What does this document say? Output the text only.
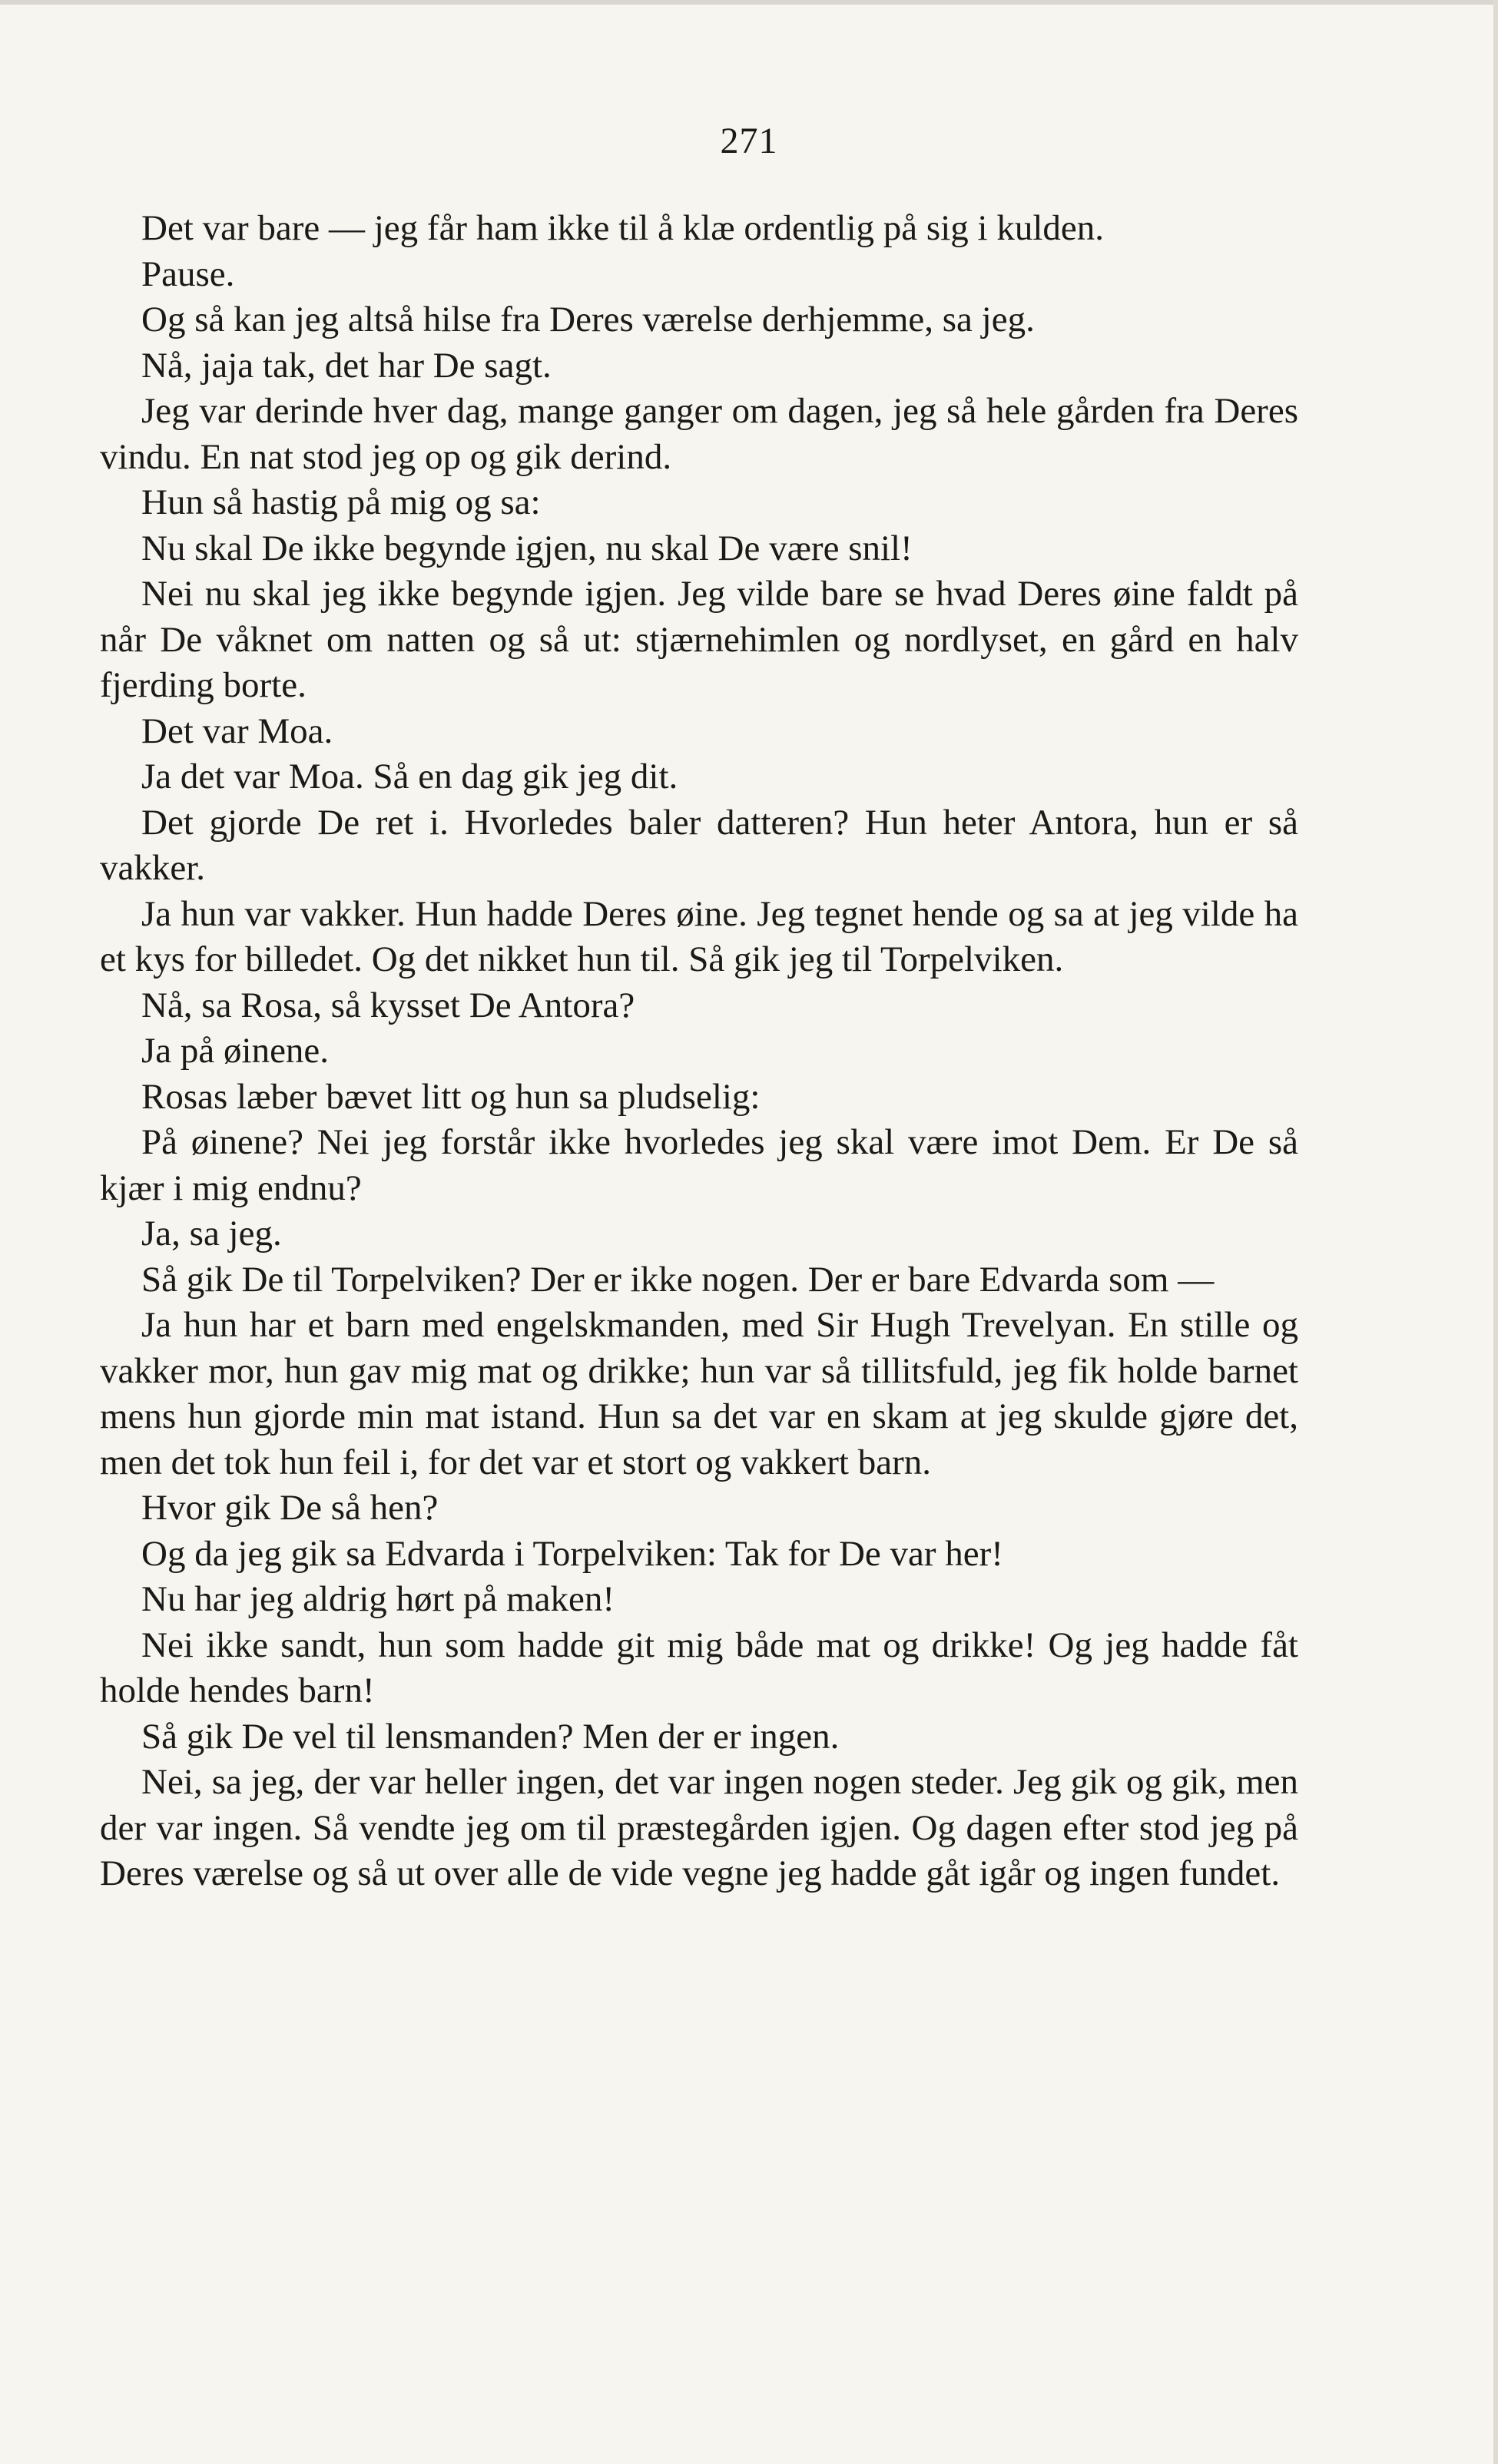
271

Det var bare — jeg får ham ikke til å klæ ordentlig på sig i kulden.

Pause.

Og så kan jeg altså hilse fra Deres værelse derhjemme, sa jeg.

Nå, jaja tak, det har De sagt.

Jeg var derinde hver dag, mange ganger om dagen, jeg så hele gården fra Deres vindu. En nat stod jeg op og gik derind.

Hun så hastig på mig og sa:

Nu skal De ikke begynde igjen, nu skal De være snil!

Nei nu skal jeg ikke begynde igjen. Jeg vilde bare se hvad Deres øine faldt på når De våknet om natten og så ut: stjærnehimlen og nordlyset, en gård en halv fjerding borte.

Det var Moa.

Ja det var Moa. Så en dag gik jeg dit.

Det gjorde De ret i. Hvorledes baler datteren? Hun heter Antora, hun er så vakker.

Ja hun var vakker. Hun hadde Deres øine. Jeg tegnet hende og sa at jeg vilde ha et kys for billedet. Og det nikket hun til. Så gik jeg til Torpelviken.

Nå, sa Rosa, så kysset De Antora?

Ja på øinene.

Rosas læber bævet litt og hun sa pludselig:

På øinene? Nei jeg forstår ikke hvorledes jeg skal være imot Dem. Er De så kjær i mig endnu?

Ja, sa jeg.

Så gik De til Torpelviken? Der er ikke nogen. Der er bare Edvarda som —

Ja hun har et barn med engelskmanden, med Sir Hugh Trevelyan. En stille og vakker mor, hun gav mig mat og drikke; hun var så tillitsfuld, jeg fik holde barnet mens hun gjorde min mat istand. Hun sa det var en skam at jeg skulde gjøre det, men det tok hun feil i, for det var et stort og vakkert barn.

Hvor gik De så hen?

Og da jeg gik sa Edvarda i Torpelviken: Tak for De var her!

Nu har jeg aldrig hørt på maken!

Nei ikke sandt, hun som hadde git mig både mat og drikke! Og jeg hadde fåt holde hendes barn!

Så gik De vel til lensmanden? Men der er ingen.

Nei, sa jeg, der var heller ingen, det var ingen nogen steder. Jeg gik og gik, men der var ingen. Så vendte jeg om til præstegården igjen. Og dagen efter stod jeg på Deres værelse og så ut over alle de vide vegne jeg hadde gåt igår og ingen fundet.
